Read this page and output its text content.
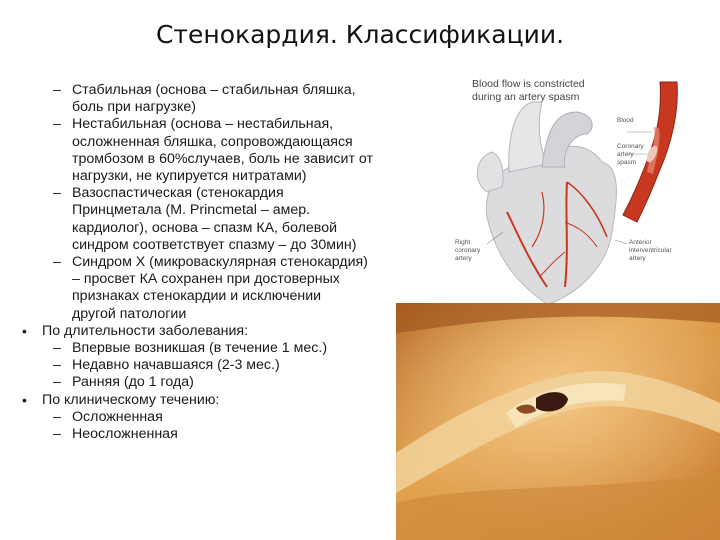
Стенокардия. Классификации.
– Стабильная (основа – стабильная бляшка,
боль при нагрузке)
– Нестабильная (основа – нестабильная,
осложненная бляшка, сопровождающаяся
тромбозом в 60%случаев, боль не зависит от
нагрузки, не купируется нитратами)
– Вазоспастическая (стенокардия
Принцметала (M. Princmetal – амер.
кардиолог), основа – спазм КА, болевой
синдром соответствует спазму – до 30мин)
– Синдром Х (микроваскулярная стенокардия)
– просвет КА сохранен при достоверных
признаках стенокардии и исключении
другой патологии
• По длительности заболевания:
– Впервые возникшая (в течение 1 мес.)
– Недавно начавшаяся (2-3 мес.)
– Ранняя (до 1 года)
• По клиническому течению:
– Осложненная
– Неосложненная
Blood flow is constricted during an artery spasm
Blood
Coronary artery spasm
Right coronary artery
Anterior interventricular artery
